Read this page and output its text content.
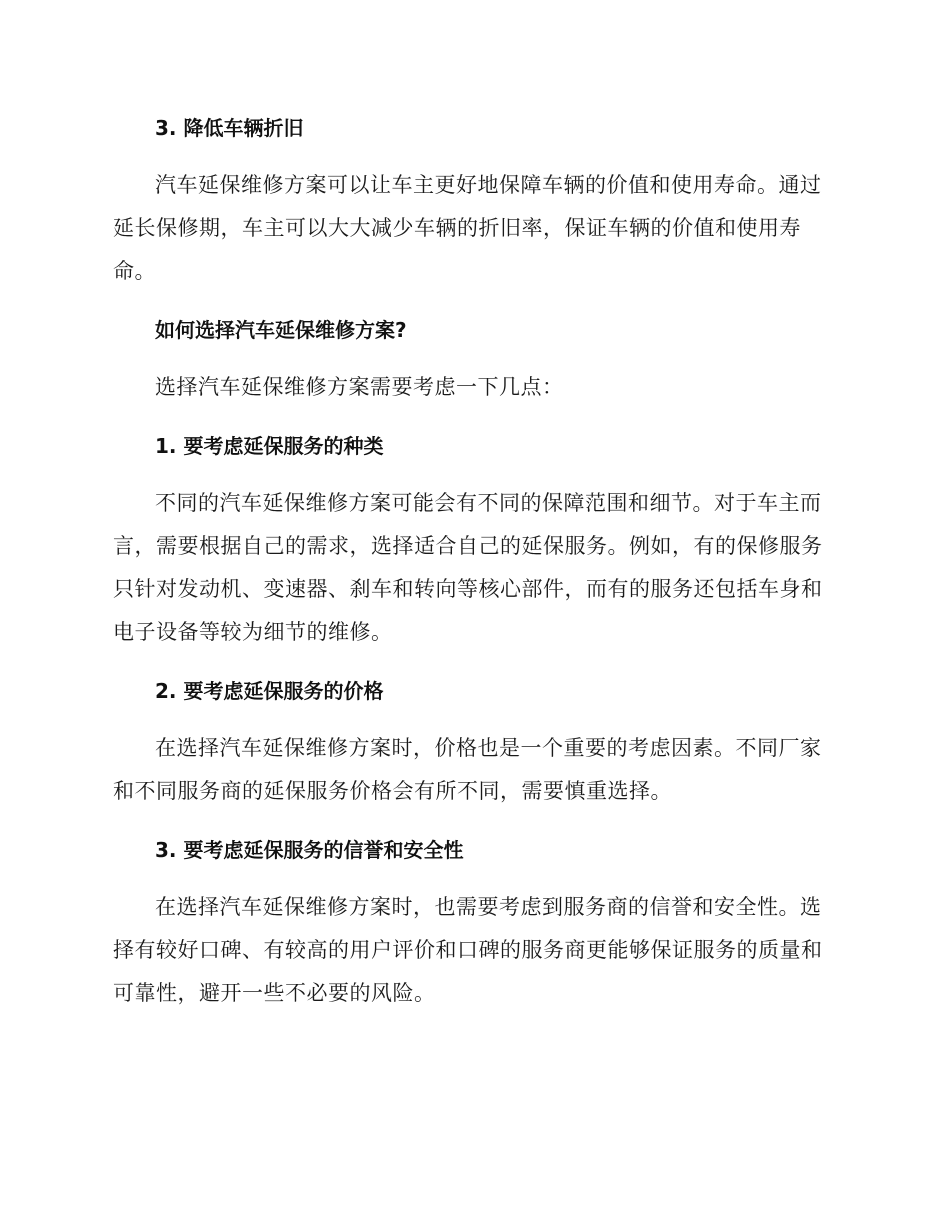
3. 降低车辆折旧

汽车延保维修方案可以让车主更好地保障车辆的价值和使用寿命。通过延长保修期，车主可以大大减少车辆的折旧率，保证车辆的价值和使用寿命。

如何选择汽车延保维修方案?

选择汽车延保维修方案需要考虑一下几点：

1. 要考虑延保服务的种类

不同的汽车延保维修方案可能会有不同的保障范围和细节。对于车主而言，需要根据自己的需求，选择适合自己的延保服务。例如，有的保修服务只针对发动机、变速器、刹车和转向等核心部件，而有的服务还包括车身和电子设备等较为细节的维修。

2. 要考虑延保服务的价格

在选择汽车延保维修方案时，价格也是一个重要的考虑因素。不同厂家和不同服务商的延保服务价格会有所不同，需要慎重选择。

3. 要考虑延保服务的信誉和安全性

在选择汽车延保维修方案时，也需要考虑到服务商的信誉和安全性。选择有较好口碑、有较高的用户评价和口碑的服务商更能够保证服务的质量和可靠性，避开一些不必要的风险。
